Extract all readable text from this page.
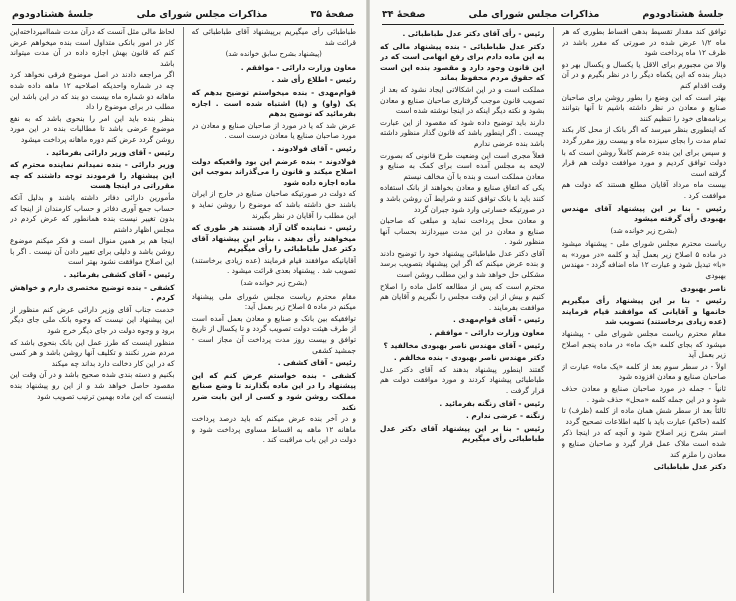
صفحهٔ ۳۵
مذاکرات مجلس شورای ملی
جلسهٔ هشتادودوم

طباطبائی رأی میگیریم برپیشنهاد آقای طباطبائی که قرائت شد

(پیشنهاد بشرح سابق خوانده شد)

معاون وزارت دارائی - موافقم .

رئیس - اطلاع رأی شد .

قوام‌مهدی - بنده میخواستم توضیح بدهم که یک (واو) و (یا) اشتباه شده است . اجازه بفرمائید که توضیح بدهم

عرض شد که یا در مورد از صاحبان صنایع و معادن در مورد صاحبان صنایع یا معادن درست است .

رئیس - آقای فولادوند .

فولادوند - بنده عرضم این بود واقعیکه دولت اصلاح میکند و قانون را می‌گذراند بموجب این ماده اجازه داده شود

که دولت در صورتیکه صاحبان صنایع در خارج از ایران باشند حق داشته باشد که موضوع را روشن نماید و این مطلب را آقایان در نظر بگیرند

رئیس - نماینده گان آزاد هستند هر طوری که میخواهند رأی بدهند . بنابر این پیشنهاد آقای دکتر عدل طباطبائی را رأی میگیریم

آقایانیکه موافقند قیام فرمایند (عده زیادی برخاستند) تصویب شد . پیشنهاد بعدی قرائت میشود .

(بشرح زیر خوانده شد)

مقام محترم ریاست مجلس شورای ملی پیشنهاد میکنم در ماده ۵ اصلاح زیر بعمل آید:

توافقیکه بین بانک و صنایع و معادن بعمل آمده است از طرف هیئت دولت تصویب گردد و تا یکسال از تاریخ توافق و بیست روز مدت پرداخت آن مجاز است - جمشید کشفی

رئیس - آقای کشفی .

کشفی - بنده خواستم عرض کنم که این پیشنهاد را در این ماده بگذارند تا وضع صنایع مملکت روشن شود و کسی از این بابت ضرر نکند

و در آخر بنده عرض میکنم که باید درصد پرداخت ماهانه ۱۲ ماهه به اقساط مساوی پرداخت شود و دولت در این باب مراقبت کند .

لحاظ مالی مثل آنست که درآن مدت شماامیرداخته‌این کار در امور بانکی متداول است بنده میخواهم عرض کنم که قانون بهش اجازه داده در آن مدت میتواند باشد

اگر مراجعه دادند در اصل موضوع فرقی نخواهد کرد چه در شماره واحدیکه اصلاحیه ۱۲ ماهه داده شده ماهانه دو شماره ماه بیست دو بند که در این باشد این مطلب در برای موضوع را داد

بنظر بنده باید این امر را بنحوی باشد که به نفع موضوع عرضی باشد تا مطالبات بنده در این مورد روشن گردد عرض کنم دوره ماهانه پرداخت میشود

رئیس - آقای وزیر دارائی بفرمائید .

وزیر دارائی - بنده نمیدانم نماینده محترم که این پیشنهاد را فرمودند توجه داشتند که چه مقرراتی در اینجا هست

مأمورین دارائی دفاتر داشته باشند و بدلیل آنکه حساب جمع آوری دفاتر و حساب کارمندان از اینجا که بدون تغییر نیست بنده همانطور که عرض کردم در مجلس اظهار داشتم

اینجا هم بر همین منوال است و فکر میکنم موضوع روشن باشد و دلیلی برای تغییر دادن آن نیست . اگر با این اصلاح موافقت نشود بهتر است

رئیس - آقای کشفی بفرمائید .

کشفی - بنده توضیح مختصری دارم و خواهش کردم .

خدمت جناب آقای وزیر دارائی عرض کنم منظور از این پیشنهاد این نیست که وجوه بانک ملی جای دیگر برود و وجوه دولت در جای دیگر خرج شود

منظور اینست که طرز عمل این بانک بنحوی باشد که مردم ضرر نکنند و تکلیف آنها روشن باشد و هر کسی که در این کار دخالت دارد بداند چه میکند

بکنیم و دسته بندی شده صحیح باشد و در آن وقت این مقصود حاصل خواهد شد و از این رو پیشنهاد بنده اینست که این ماده بهمین ترتیب تصویب شود

جلسهٔ هشتادودوم
مذاکرات مجلس شورای ملی
صفحهٔ ۳۴

توافق کند مقدار تقسیط بدهی اقساط بطوری که هر ماه ۱/۲ عرض شده در صورتی که مقرر باشد در ظرف ۱۲ ماه پرداخت شود

والا من مجبورم برای الاقل یا یکسال و یکسال بهر دو دینار بنده که این یکماه دیگر را در نظر بگیرم و در آن وقت اقدام کنم

بهتر است که این وضع را بطور روشن برای صاحبان صنایع و معادن در نظر داشته باشیم تا آنها بتوانند برنامه‌های خود را تنظیم کنند

که اینطوری بنظر میرسد که اگر بانک از محل کار بکند تمام مدت را بجای سیزده ماه و بیست روز مقرر گردد

و سپس برای این بنده عرضم کاملاً روشن است که با دولت توافق کردیم و مورد موافقت دولت هم قرار گرفته است

بیست ماه مرداد آقایان مطلع هستند که دولت هم موافقت کرد .

رئیس - بنا بر این پیشنهاد آقای مهندس بهبودی رأی گرفته میشود

(بشرح زیر خوانده شد)

ریاست محترم مجلس شورای ملی - پیشنهاد میشود در ماده ۵ اصلاح زیر بعمل آید و کلمه «در مورد» به «با» تبدیل شود و عبارت ۱۲ ماه اضافه گردد - مهندس بهبودی

ناصر بهبودی

رئیس - بنا بر این پیشنهاد رأی میگیریم خانمها و آقایانی که موافقند قیام فرمایند (عده زیادی برخاستند) تصویب شد

مقام محترم ریاست مجلس شورای ملی - پیشنهاد میشود که بجای کلمه «یک ماه» در ماده پنجم اصلاح زیر بعمل آید

اولاً - در سطر سوم بعد از کلمه «یک ماه» عبارت از صاحبان صنایع و معادن افزوده شود

ثانیاً - جمله در مورد صاحبان صنایع و معادن حذف شود و در این جمله کلمه «محل» حذف شود .

ثالثاً بعد از سطر شش همان ماده از کلمه (ظرف) تا کلمه (حاکم) عبارت باید با کلیه اطلاعات تصحیح گردد

استر بشرح زیر اصلاح شود و آنچه که در اینجا ذکر شده است ملاک عمل قرار گیرد و صاحبان صنایع و معادن را ملزم کند

دکتر عدل طباطبائی

رئیس - رأی آقای دکتر عدل طباطبائی .

دکتر عدل طباطبائی - بنده پیشنهاد مالی که به این ماده دادم برای رفع ابهامی است که در این قانون وجود دارد و مقصود بنده این است که حقوق مردم محفوظ بماند

مملکت است و در این اشکالاتی ایجاد نشود که بعد از تصویب قانون موجب گرفتاری صاحبان صنایع و معادن بشود و نکته دیگر اینکه در اینجا نوشته شده است

دارند باید توضیح داده شود که مقصود از این عبارت چیست . اگر اینطور باشد که قانون گذار منظور داشته باشد بنده عرضی ندارم

فعلاً مجری است این وضعیت طرح قانونی که بصورت لایحه به مجلس آمده است برای کمک به صنایع و معادن مملکت است و بنده با آن مخالف نیستم

یکی که اتفاق صنایع و معادن بخواهند از بانک استفاده کنند باید با بانک توافق کنند و شرایط آن روشن باشد و در صورتیکه خسارتی وارد شود جبران گردد

و معادن محل پرداخت نماید و مبلغی که صاحبان صنایع و معادن در این مدت میپردازند بحساب آنها منظور شود .

آقای دکتر عدل طباطبائی پیشنهاد خود را توضیح دادند و بنده عرض میکنم که اگر این پیشنهاد بتصویب برسد مشکلی حل خواهد شد و این مطلب روشن است

محترم است که پس از مطالعه کامل ماده را اصلاح کنیم و بیش از این وقت مجلس را نگیریم و آقایان هم موافقت بفرمایند .

رئیس - آقای قوام‌مهدی .

معاون وزارت دارائی - موافقم .

رئیس - آقای مهندس ناصر بهبودی مخالفید ؟

دکتر مهندس ناصر بهبودی - بنده مخالفم .

گفتند اینطور پیشنهاد بدهند که آقای دکتر عدل طباطبائی پیشنهاد کردند و مورد موافقت دولت هم قرار گرفت .

رئیس - آقای زنگنه بفرمائید .

زنگنه - عرضی ندارم .

رئیس - بنا بر این پیشنهاد آقای دکتر عدل طباطبائی رأی میگیریم
